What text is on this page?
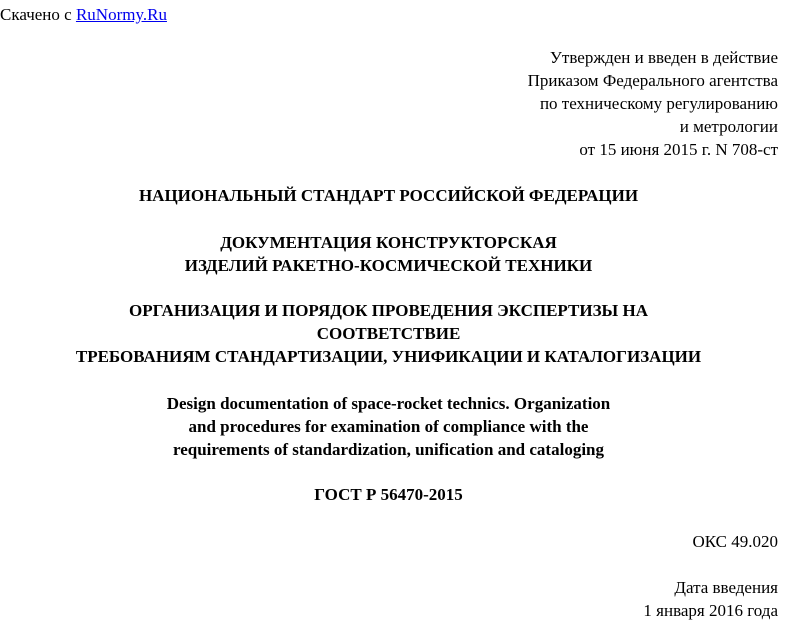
Скачено с RuNormy.Ru
Утвержден и введен в действие
Приказом Федерального агентства
по техническому регулированию
и метрологии
от 15 июня 2015 г. N 708-ст
НАЦИОНАЛЬНЫЙ СТАНДАРТ РОССИЙСКОЙ ФЕДЕРАЦИИ
ДОКУМЕНТАЦИЯ КОНСТРУКТОРСКАЯ
ИЗДЕЛИЙ РАКЕТНО-КОСМИЧЕСКОЙ ТЕХНИКИ
ОРГАНИЗАЦИЯ И ПОРЯДОК ПРОВЕДЕНИЯ ЭКСПЕРТИЗЫ НА
СООТВЕТСТВИЕ
ТРЕБОВАНИЯМ СТАНДАРТИЗАЦИИ, УНИФИКАЦИИ И КАТАЛОГИЗАЦИИ
Design documentation of space-rocket technics. Organization
and procedures for examination of compliance with the
requirements of standardization, unification and cataloging
ГОСТ Р 56470-2015
ОКС 49.020
Дата введения
1 января 2016 года
